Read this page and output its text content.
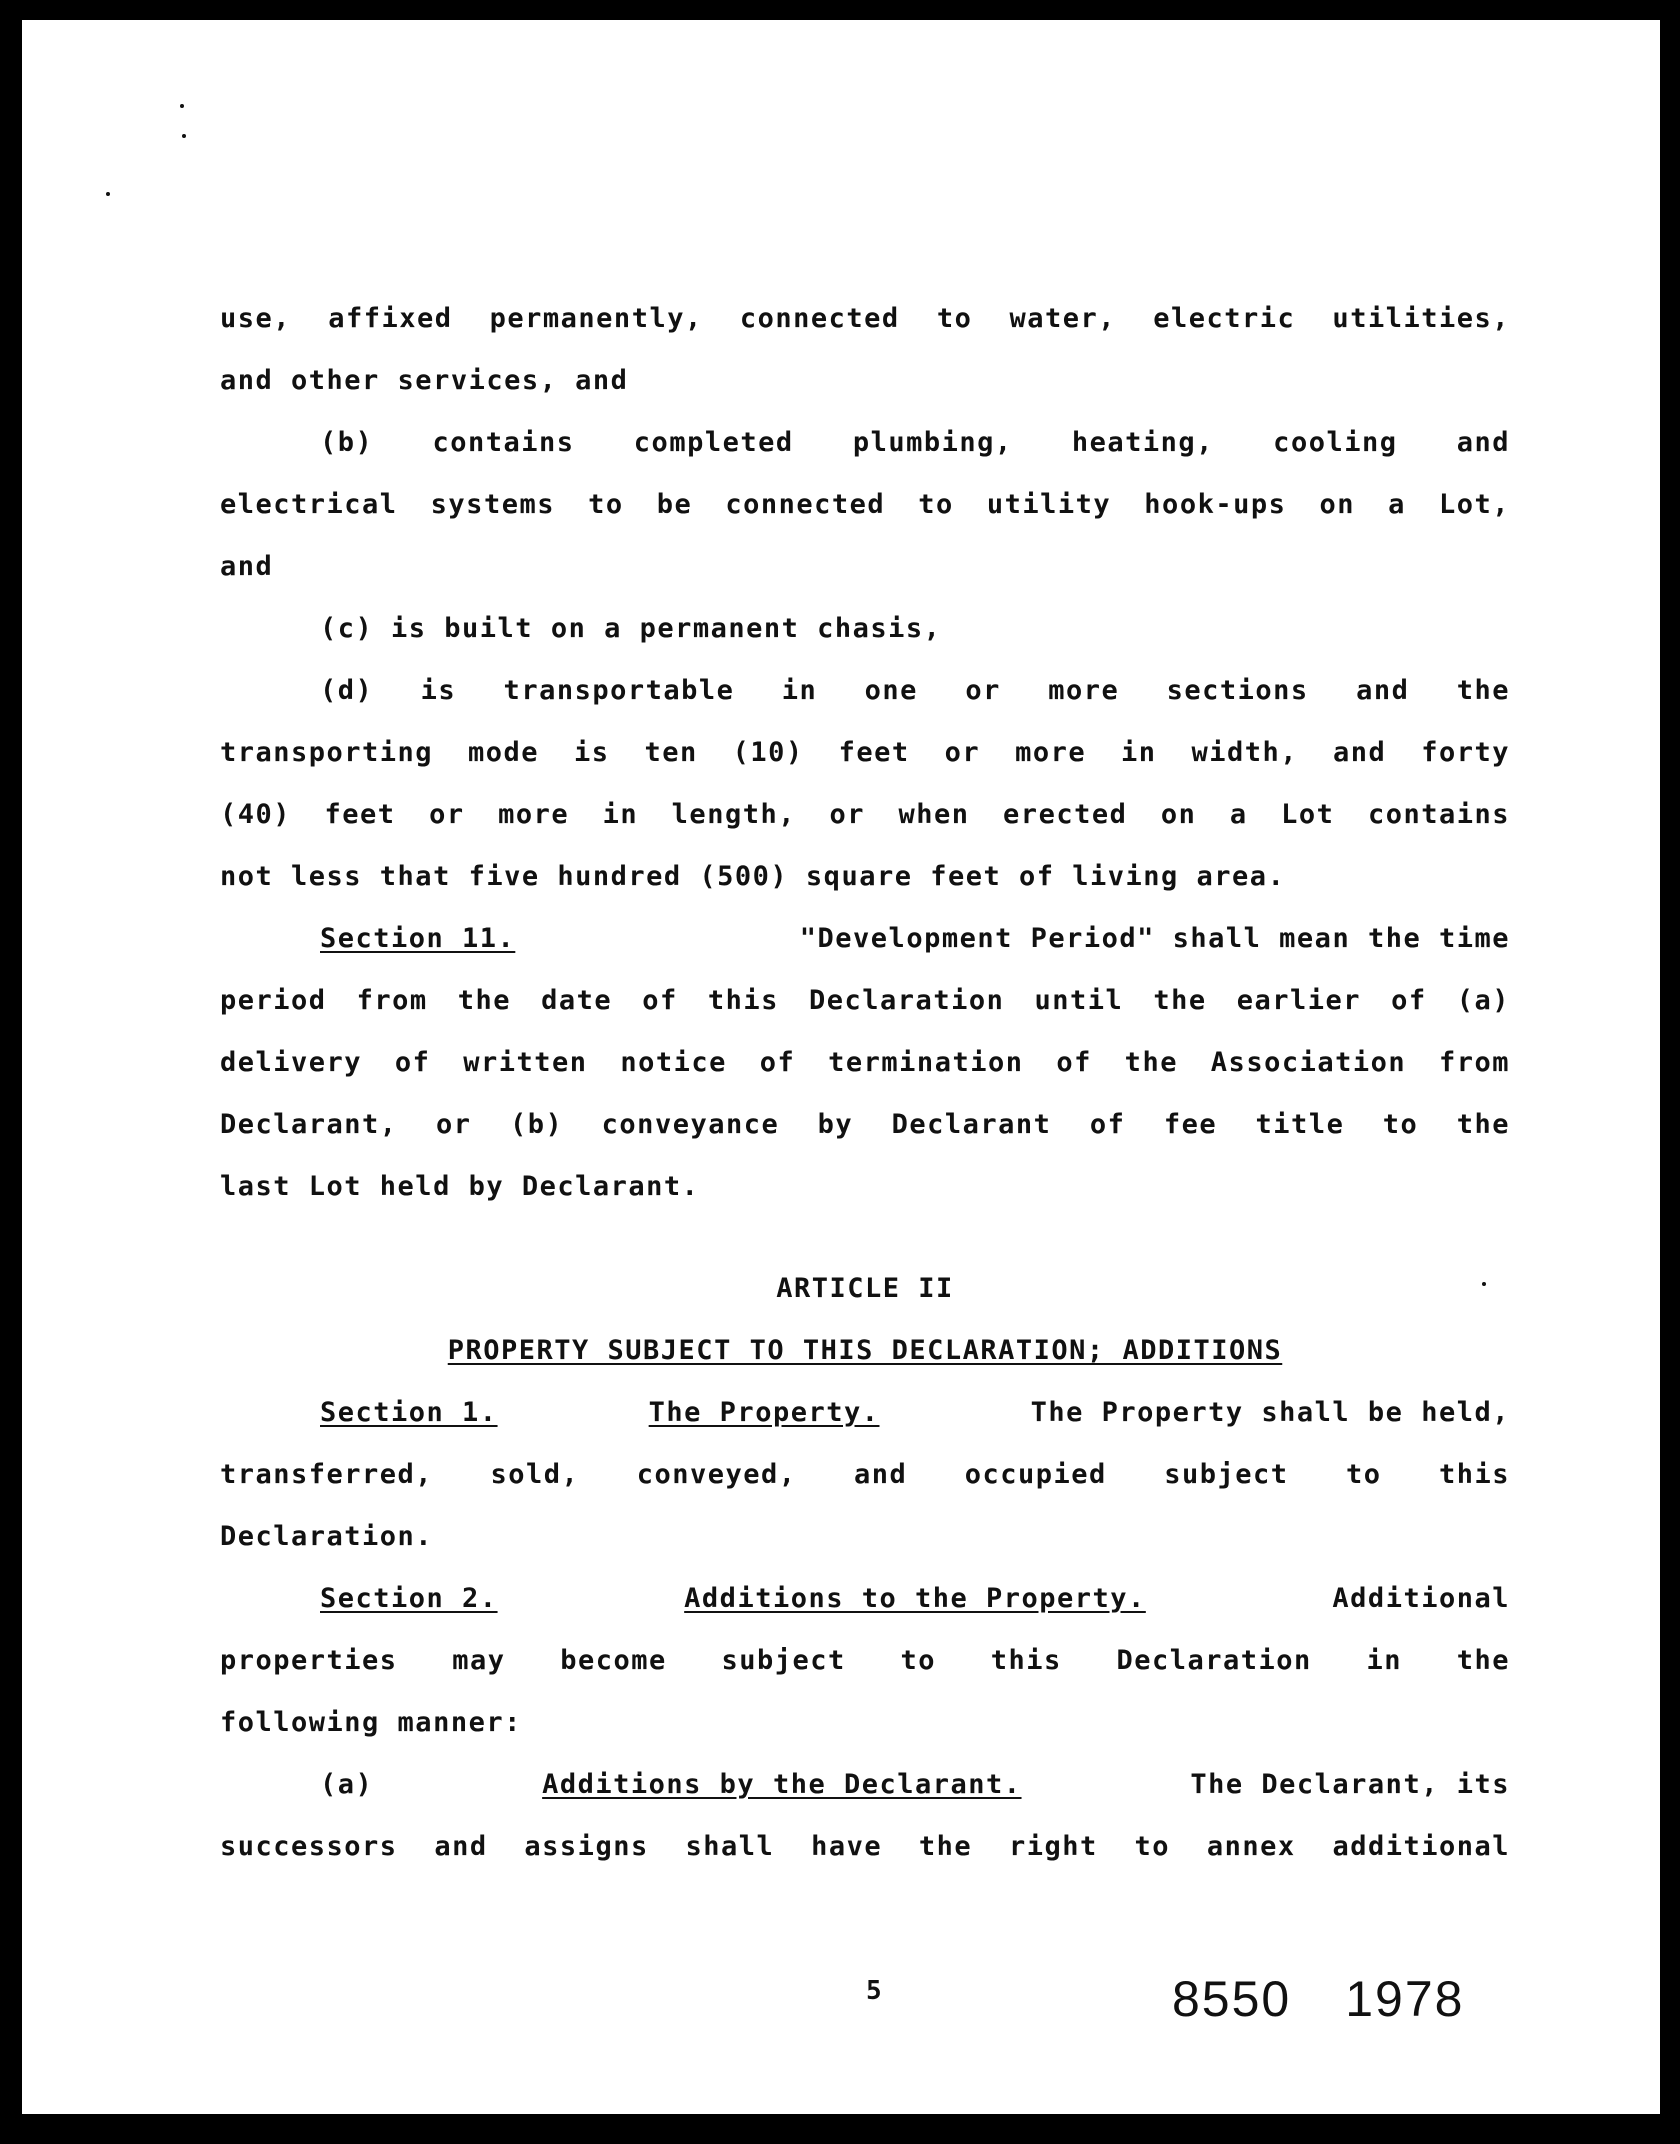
use, affixed permanently, connected to water, electric utilities,
and other services, and
(b) contains completed plumbing, heating, cooling and
electrical systems to be connected to utility hook-ups on a Lot,
and
(c) is built on a permanent chasis,
(d) is transportable in one or more sections and the
transporting mode is ten (10) feet or more in width, and forty
(40) feet or more in length, or when erected on a Lot contains
not less that five hundred (500) square feet of living area.
Section 11.	"Development Period" shall mean the time
period from the date of this Declaration until the earlier of (a)
delivery of written notice of termination of the Association from
Declarant, or (b) conveyance by Declarant of fee title to the
last Lot held by Declarant.
ARTICLE II
PROPERTY SUBJECT TO THIS DECLARATION; ADDITIONS
Section 1.	The Property.	The Property shall be held,
transferred, sold, conveyed, and occupied subject to this
Declaration.
Section 2.	Additions to the Property.	Additional
properties may become subject to this Declaration in the
following manner:
(a)	Additions by the Declarant.	The Declarant, its
successors and assigns shall have the right to annex additional
5	8550 1978
